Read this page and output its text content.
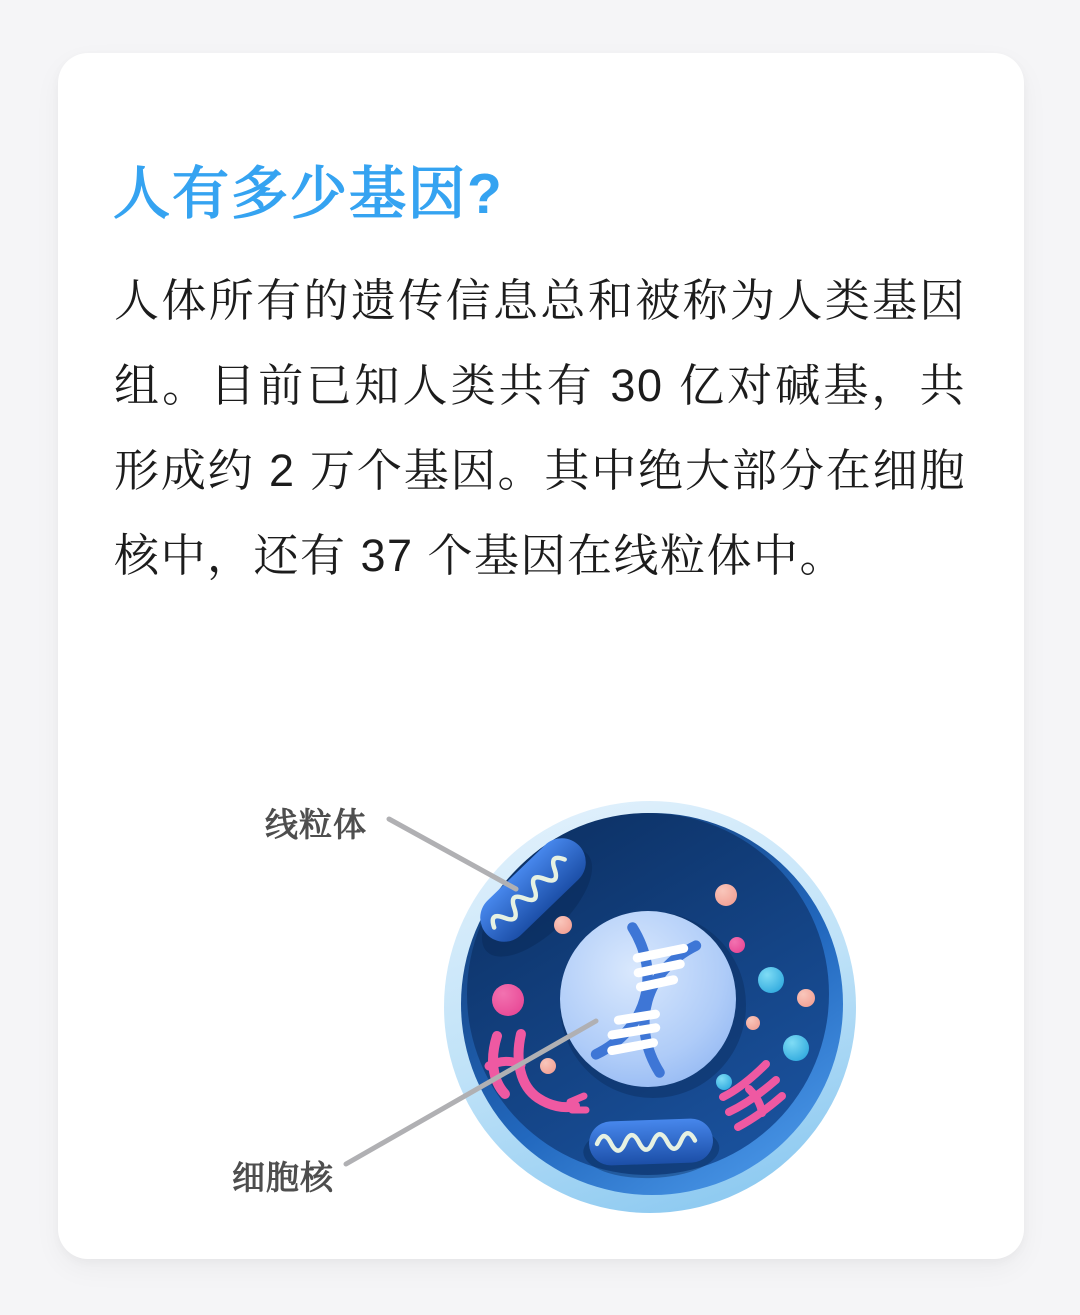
人有多少基因?
人体所有的遗传信息总和被称为人类基因
组。目前已知人类共有 30 亿对碱基，共
形成约 2 万个基因。其中绝大部分在细胞
核中，还有 37 个基因在线粒体中。
线粒体
细胞核
